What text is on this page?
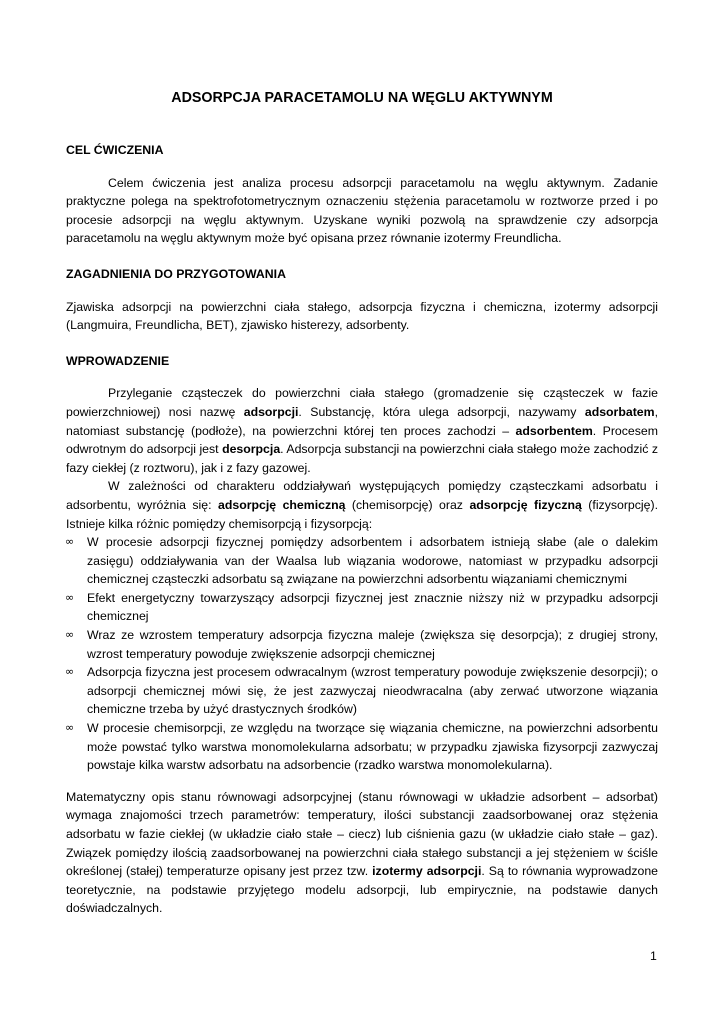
ADSORPCJA PARACETAMOLU NA WĘGLU AKTYWNYM
CEL ĆWICZENIA

Celem ćwiczenia jest analiza procesu adsorpcji paracetamolu na węglu aktywnym. Zadanie praktyczne polega na spektrofotometrycznym oznaczeniu stężenia paracetamolu w roztworze przed i po procesie adsorpcji na węglu aktywnym. Uzyskane wyniki pozwolą na sprawdzenie czy adsorpcja paracetamolu na węglu aktywnym może być opisana przez równanie izotermy Freundlicha.

ZAGADNIENIA DO PRZYGOTOWANIA

Zjawiska adsorpcji na powierzchni ciała stałego, adsorpcja fizyczna i chemiczna, izotermy adsorpcji (Langmuira, Freundlicha, BET), zjawisko histerezy, adsorbenty.

WPROWADZENIE

Przyleganie cząsteczek do powierzchni ciała stałego (gromadzenie się cząsteczek w fazie powierzchniowej) nosi nazwę adsorpcji. Substancję, która ulega adsorpcji, nazywamy adsorbatem, natomiast substancję (podłoże), na powierzchni której ten proces zachodzi – adsorbentem. Procesem odwrotnym do adsorpcji jest desorpcja. Adsorpcja substancji na powierzchni ciała stałego może zachodzić z fazy ciekłej (z roztworu), jak i z fazy gazowej.

W zależności od charakteru oddziaływań występujących pomiędzy cząsteczkami adsorbatu i adsorbentu, wyróżnia się: adsorpcję chemiczną (chemisorpcję) oraz adsorpcję fizyczną (fizysorpcję). Istnieje kilka różnic pomiędzy chemisorpcją i fizysorpcją:

∞	W procesie adsorpcji fizycznej pomiędzy adsorbentem i adsorbatem istnieją słabe (ale o dalekim zasięgu) oddziaływania van der Waalsa lub wiązania wodorowe, natomiast w przypadku adsorpcji chemicznej cząsteczki adsorbatu są związane na powierzchni adsorbentu wiązaniami chemicznymi
∞	Efekt energetyczny towarzyszący adsorpcji fizycznej jest znacznie niższy niż w przypadku adsorpcji chemicznej
∞	Wraz ze wzrostem temperatury adsorpcja fizyczna maleje (zwiększa się desorpcja); z drugiej strony, wzrost temperatury powoduje zwiększenie adsorpcji chemicznej
∞	Adsorpcja fizyczna jest procesem odwracalnym (wzrost temperatury powoduje zwiększenie desorpcji); o adsorpcji chemicznej mówi się, że jest zazwyczaj nieodwracalna (aby zerwać utworzone wiązania chemiczne trzeba by użyć drastycznych środków)
∞	W procesie chemisorpcji, ze względu na tworzące się wiązania chemiczne, na powierzchni adsorbentu może powstać tylko warstwa monomolekularna adsorbatu; w przypadku zjawiska fizysorpcji zazwyczaj powstaje kilka warstw adsorbatu na adsorbencie (rzadko warstwa monomolekularna).

Matematyczny opis stanu równowagi adsorpcyjnej (stanu równowagi w układzie adsorbent – adsorbat) wymaga znajomości trzech parametrów: temperatury, ilości substancji zaadsorbowanej oraz stężenia adsorbatu w fazie ciekłej (w układzie ciało stałe – ciecz) lub ciśnienia gazu (w układzie ciało stałe – gaz). Związek pomiędzy ilością zaadsorbowanej na powierzchni ciała stałego substancji a jej stężeniem w ściśle określonej (stałej) temperaturze opisany jest przez tzw. izotermy adsorpcji. Są to równania wyprowadzone teoretycznie, na podstawie przyjętego modelu adsorpcji, lub empirycznie, na podstawie danych doświadczalnych.

1
